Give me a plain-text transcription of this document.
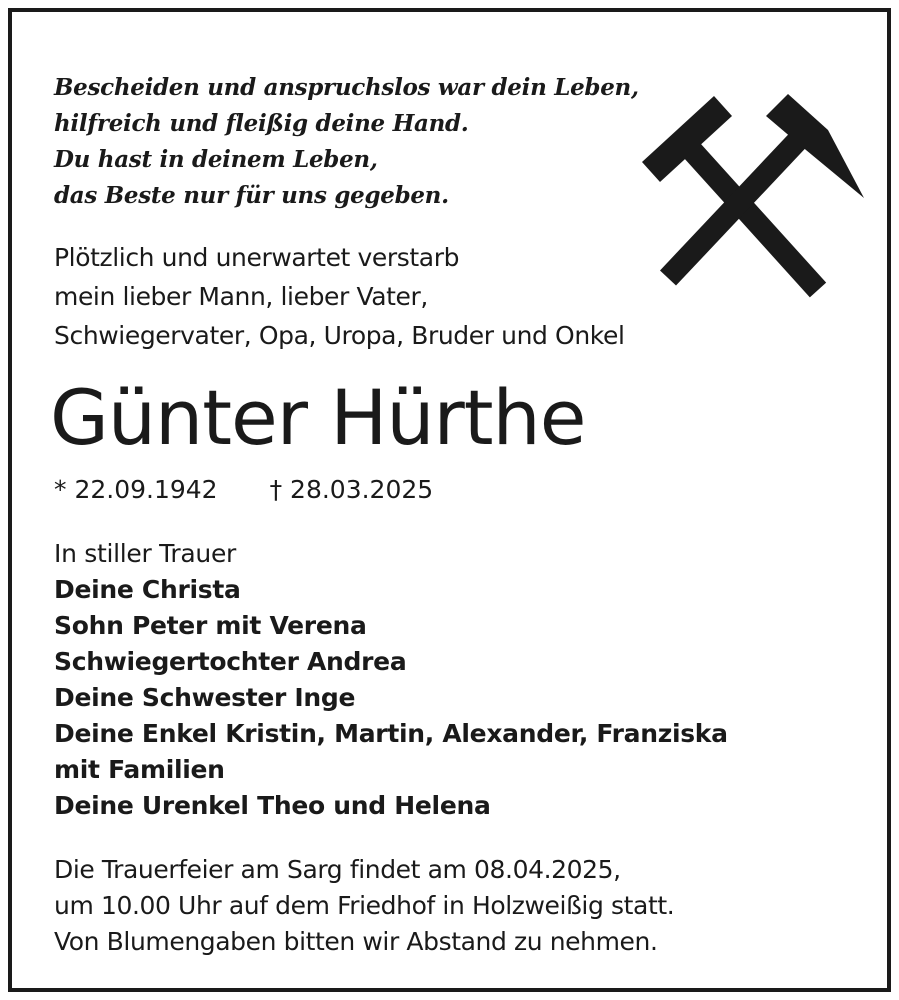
Bescheiden und anspruchslos war dein Leben,
hilfreich und fleißig deine Hand.
Du hast in deinem Leben,
das Beste nur für uns gegeben.
Plötzlich und unerwartet verstarb
mein lieber Mann, lieber Vater,
Schwiegervater, Opa, Uropa, Bruder und Onkel
Günter Hürthe
* 22.09.1942 † 28.03.2025
In stiller Trauer
Deine Christa
Sohn Peter mit Verena
Schwiegertochter Andrea
Deine Schwester Inge
Deine Enkel Kristin, Martin, Alexander, Franziska
mit Familien
Deine Urenkel Theo und Helena
Die Trauerfeier am Sarg findet am 08.04.2025,
um 10.00 Uhr auf dem Friedhof in Holzweißig statt.
Von Blumengaben bitten wir Abstand zu nehmen.
